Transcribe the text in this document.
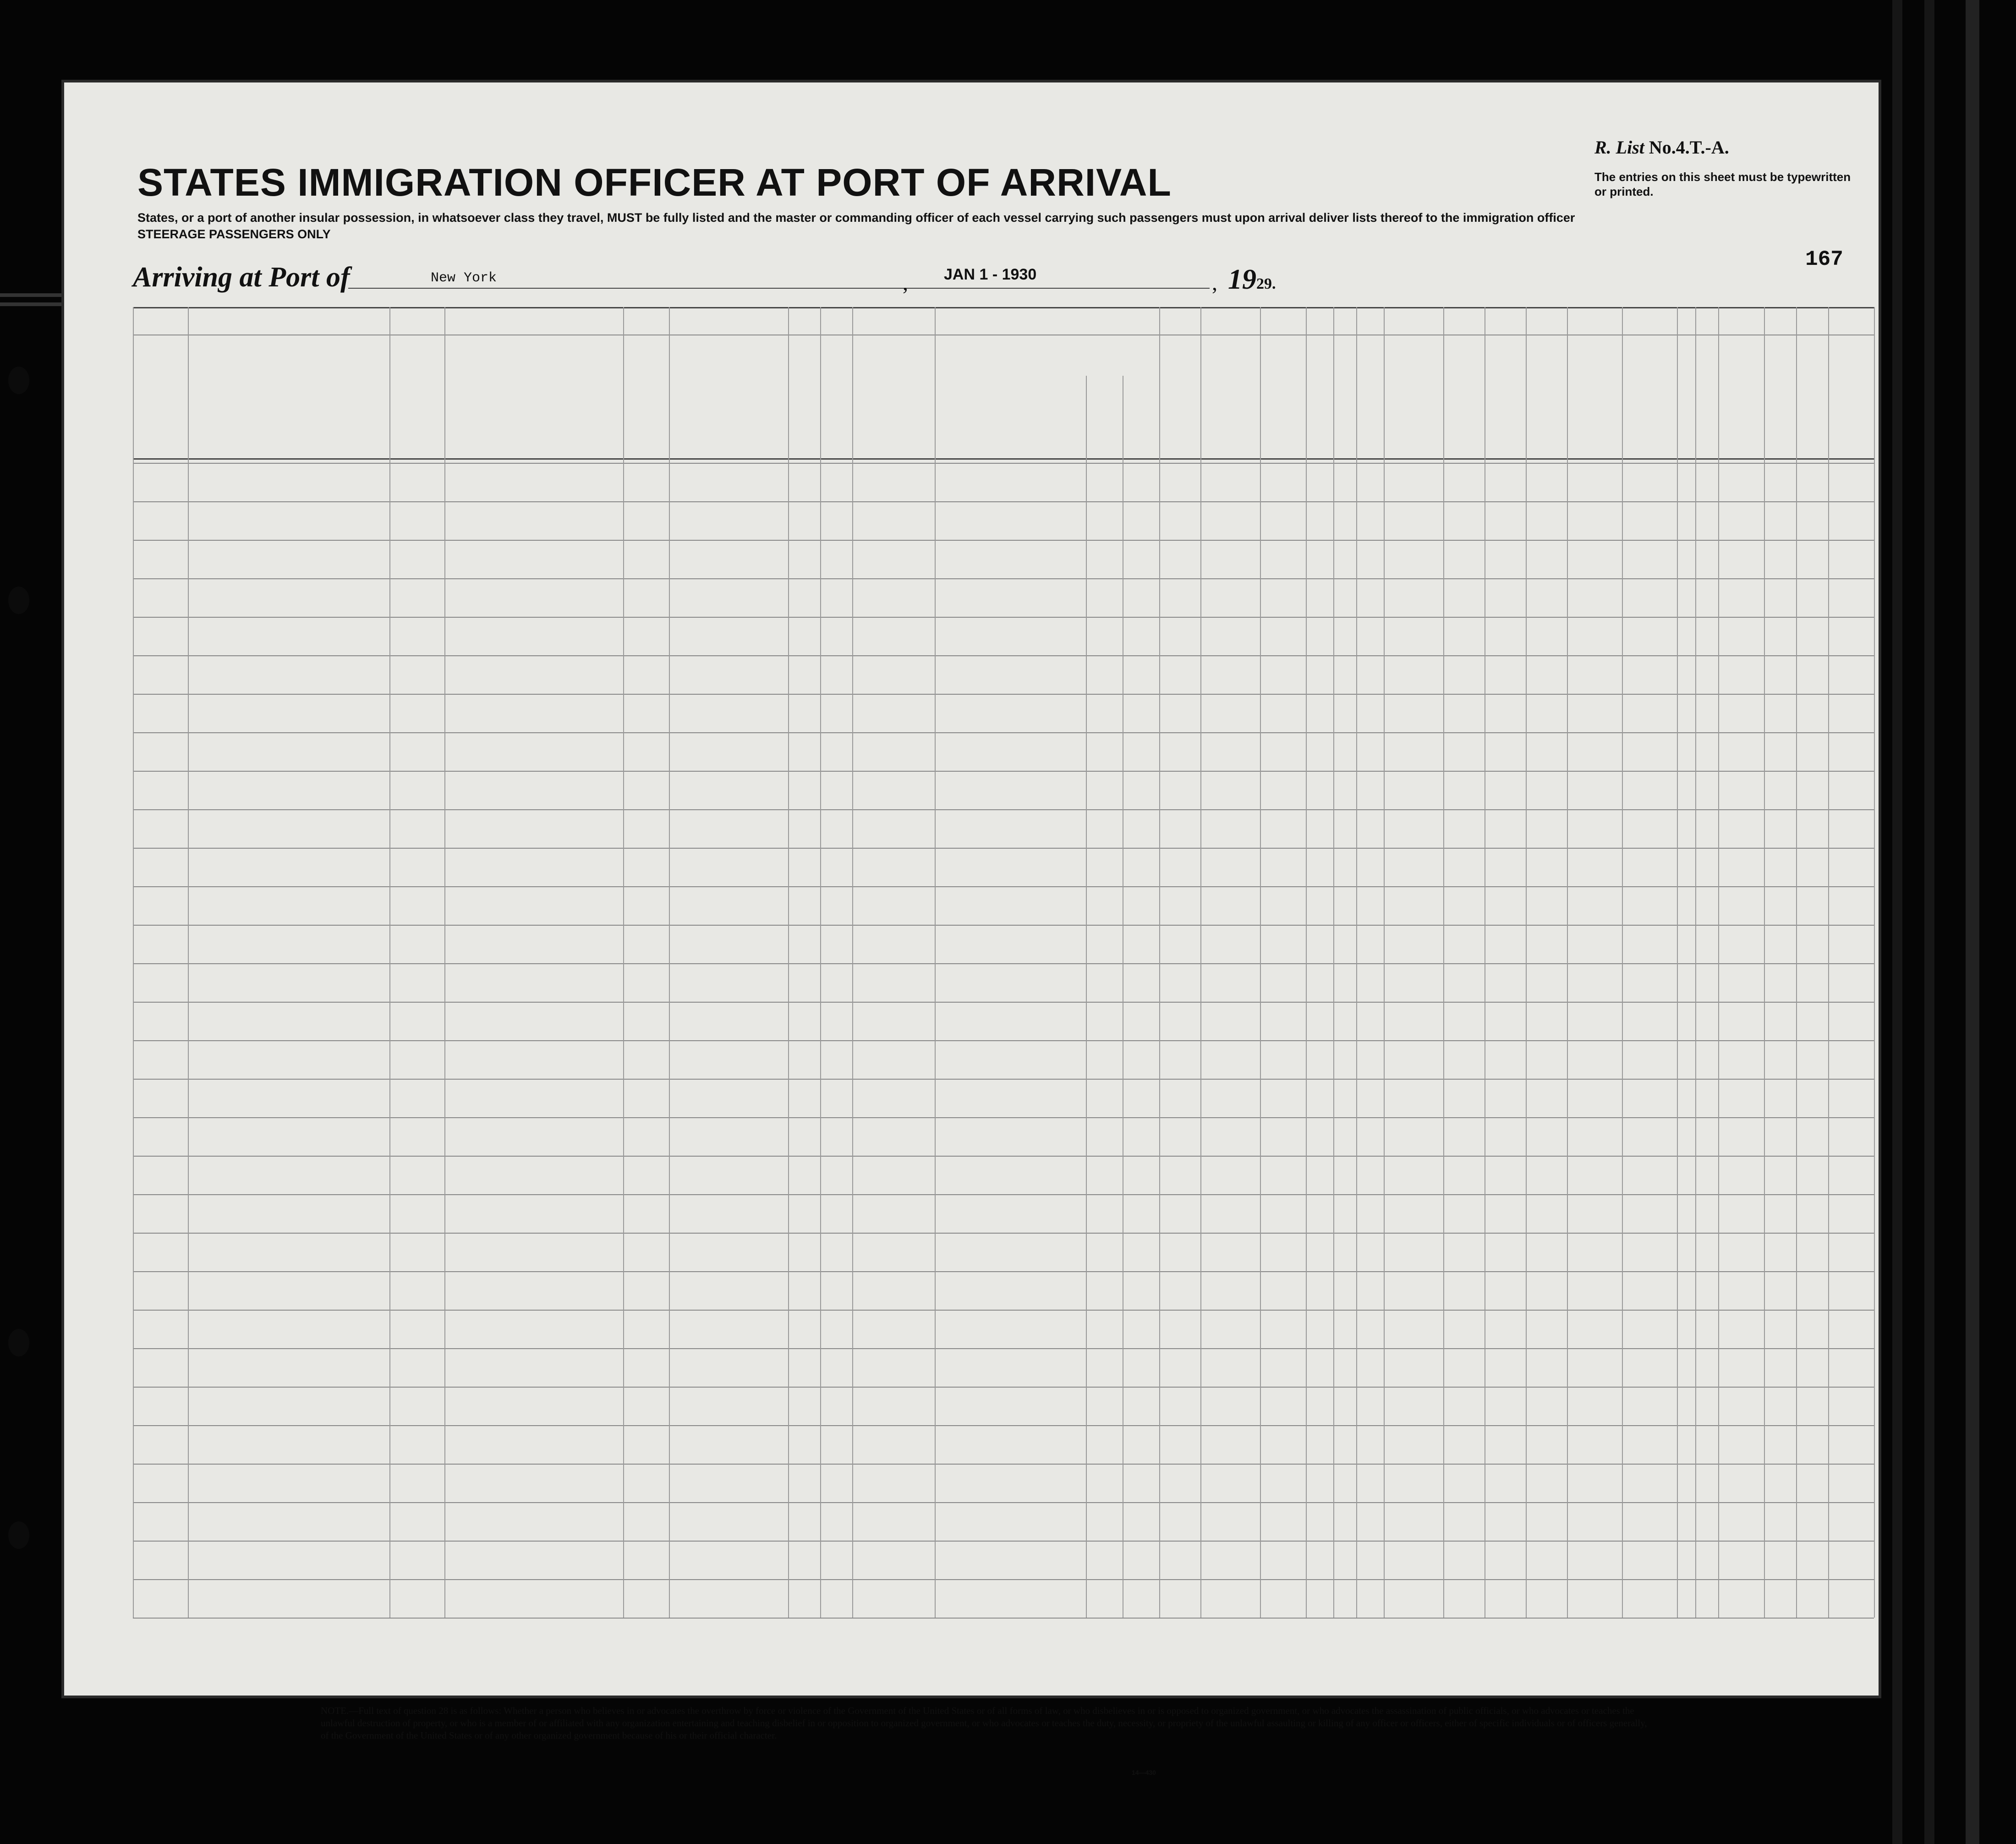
STATES IMMIGRATION OFFICER AT PORT OF ARRIVAL
States, or a port of another insular possession, in whatsoever class they travel, MUST be fully listed and the master or commanding officer of each vessel carrying such passengers must upon arrival deliver lists thereof to the immigration officer
STEERAGE PASSENGERS ONLY
R. List No.4.T.-A.
The entries on this sheet must be typewritten or printed.
167
Arriving at Port of	New York	, JAN 1 - 1930	, 1929.
NOTE.—Full text of question 28 is as follows: Whether a person who believes in or advocates the overthrow by force or violence of the Government of the United States or of all forms of law, or who disbelieves in or is opposed to organized government, or who advocates the assassination of public officials, or who advocates or teaches the unlawful destruction of property, or who is a member of or affiliated with any organization entertaining and teaching disbelief in or opposition to organized government, or who advocates or teaches the duty, necessity, or propriety of the unlawful assaulting or killing of any officer or officers, either of specific individuals or of officers generally, of the Government of the United States or of any other organized government because of his or their official character.
14—430
